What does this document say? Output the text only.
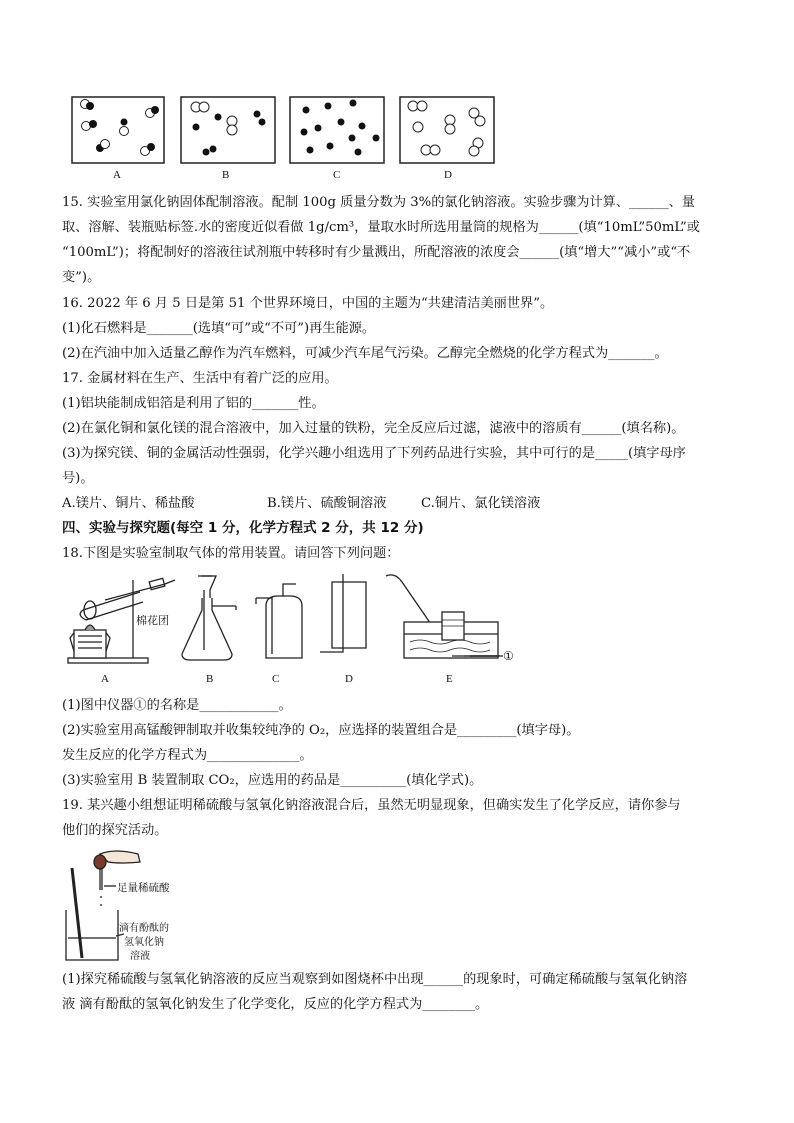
A	B	C	D
15. 实验室用氯化钠固体配制溶液。配制 100g 质量分数为 3%的氯化钠溶液。实验步骤为计算、______、量
取、溶解、装瓶贴标签.水的密度近似看做 1g/cm³，量取水时所选用量筒的规格为______(填“10mL”50mL”或
“100mL”)；将配制好的溶液往试剂瓶中转移时有少量溅出，所配溶液的浓度会______(填“增大”“减小”或“不
变”)。
16. 2022 年 6 月 5 日是第 51 个世界环境日，中国的主题为“共建清洁美丽世界”。
(1)化石燃料是_______(选填“可”或“不可”)再生能源。
(2)在汽油中加入适量乙醇作为汽车燃料，可减少汽车尾气污染。乙醇完全燃烧的化学方程式为_______。
17. 金属材料在生产、生活中有着广泛的应用。
(1)铝块能制成铝箔是利用了铝的_______性。
(2)在氯化铜和氯化镁的混合溶液中，加入过量的铁粉，完全反应后过滤，滤液中的溶质有______(填名称)。
(3)为探究镁、铜的金属活动性强弱，化学兴趣小组选用了下列药品进行实验，其中可行的是_____(填字母序
号)。
A.镁片、铜片、稀盐酸	B.镁片、硫酸铜溶液	C.铜片、氯化镁溶液
四、实验与探究题(每空 1 分，化学方程式 2 分，共 12 分)
18.下图是实验室制取气体的常用装置。请回答下列问题：
棉花团
①
A	B	C	D	E
(1)图中仪器①的名称是____________。
(2)实验室用高锰酸钾制取并收集较纯净的 O₂，应选择的装置组合是_________(填字母)。
发生反应的化学方程式为______________。
(3)实验室用 B 装置制取 CO₂，应选用的药品是__________(填化学式)。
19. 某兴趣小组想证明稀硫酸与氢氧化钠溶液混合后，虽然无明显现象，但确实发生了化学反应，请你参与
他们的探究活动。
足量稀硫酸
滴有酚酞的
氢氧化钠
溶液
(1)探究稀硫酸与氢氧化钠溶液的反应当观察到如图烧杯中出现______的现象时，可确定稀硫酸与氢氧化钠溶
液 滴有酚酞的氢氧化钠发生了化学变化，反应的化学方程式为________。
